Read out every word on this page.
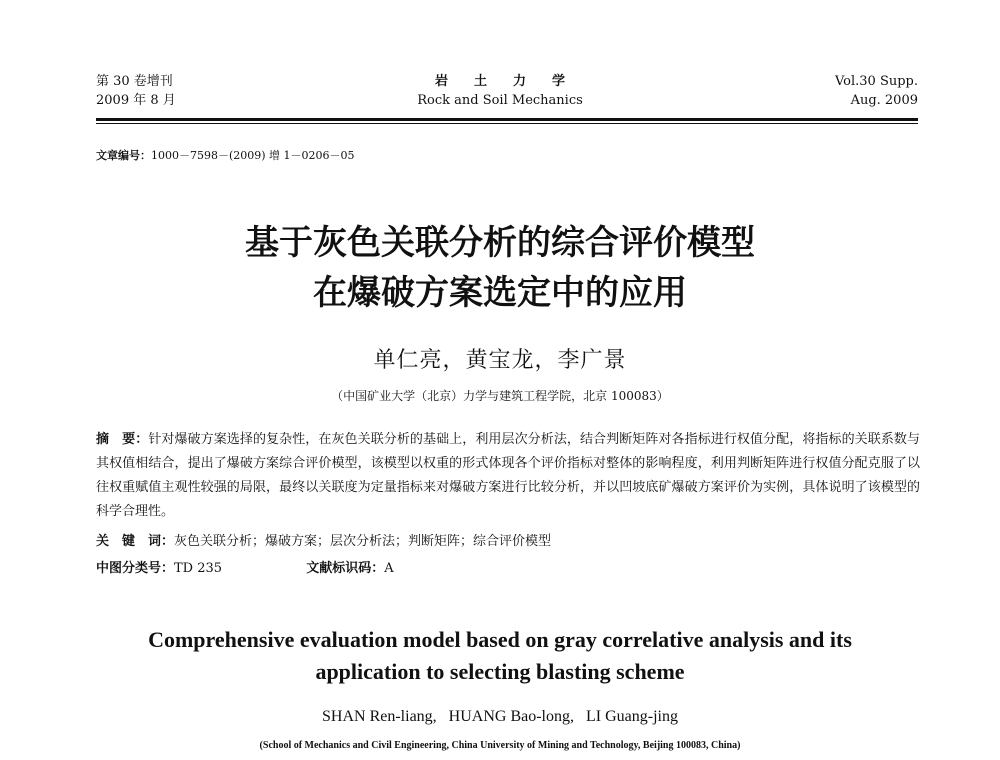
第 30 卷增刊
2009 年 8 月
岩土力学
Rock and Soil Mechanics
Vol.30 Supp.
Aug. 2009
文章编号：1000－7598－(2009) 增 1－0206－05
基于灰色关联分析的综合评价模型
在爆破方案选定中的应用
单仁亮，黄宝龙，李广景
（中国矿业大学（北京）力学与建筑工程学院，北京 100083）
摘　要：针对爆破方案选择的复杂性，在灰色关联分析的基础上，利用层次分析法，结合判断矩阵对各指标进行权值分配，将指标的关联系数与其权值相结合，提出了爆破方案综合评价模型，该模型以权重的形式体现各个评价指标对整体的影响程度，利用判断矩阵进行权值分配克服了以往权重赋值主观性较强的局限，最终以关联度为定量指标来对爆破方案进行比较分析，并以凹坡底矿爆破方案评价为实例，具体说明了该模型的科学合理性。
关　键　词：灰色关联分析；爆破方案；层次分析法；判断矩阵；综合评价模型
中图分类号：TD 235	文献标识码：A
Comprehensive evaluation model based on gray correlative analysis and its
application to selecting blasting scheme
SHAN Ren-liang,   HUANG Bao-long,   LI Guang-jing
(School of Mechanics and Civil Engineering, China University of Mining and Technology, Beijing 100083, China)
